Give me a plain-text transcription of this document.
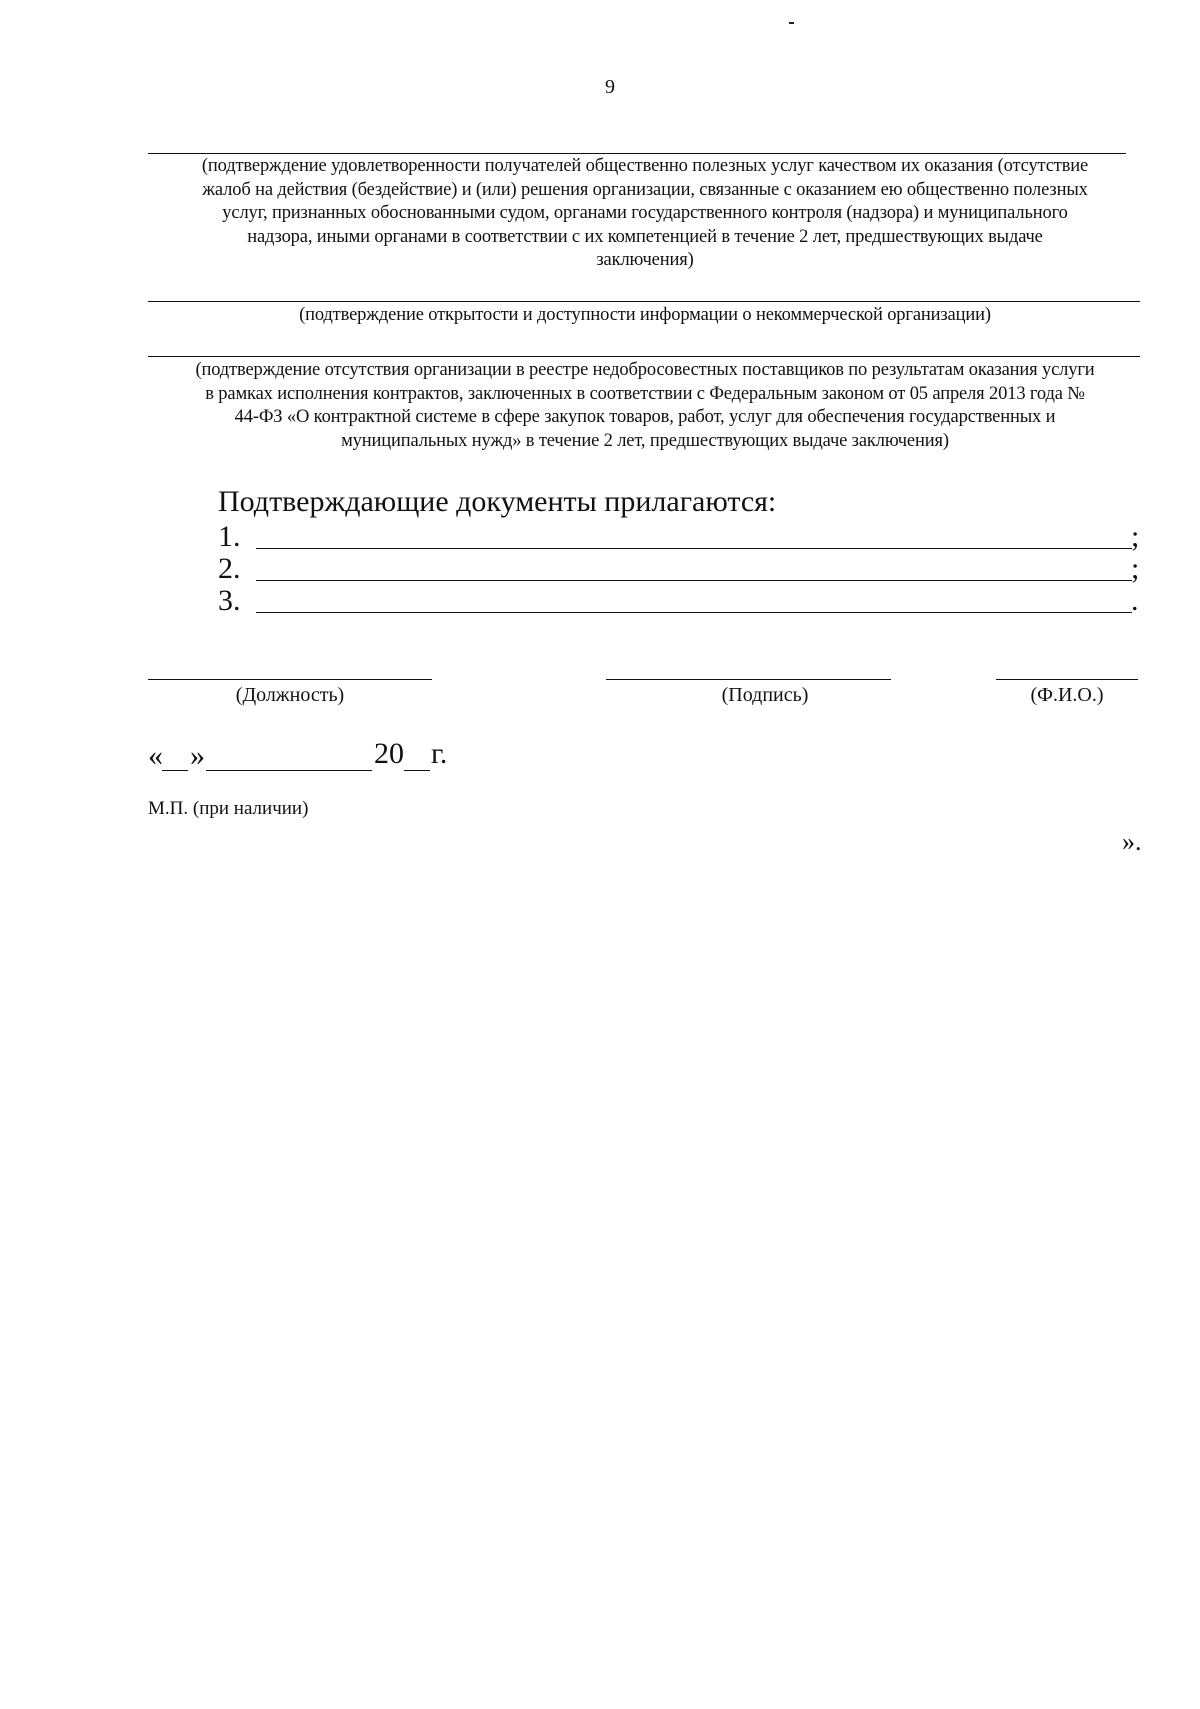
9
(подтверждение удовлетворенности получателей общественно полезных услуг качеством их оказания (отсутствие
жалоб на действия (бездействие) и (или) решения организации, связанные с оказанием ею общественно полезных
услуг, признанных обоснованными судом, органами государственного контроля (надзора) и муниципального
надзора, иными органами в соответствии с их компетенцией в течение 2 лет, предшествующих выдаче
заключения)
(подтверждение открытости и доступности информации о некоммерческой организации)
(подтверждение отсутствия организации в реестре недобросовестных поставщиков по результатам оказания услуги
в рамках исполнения контрактов, заключенных в соответствии с Федеральным законом от 05 апреля 2013 года №
44-ФЗ «О контрактной системе в сфере закупок товаров, работ, услуг для обеспечения государственных и
муниципальных нужд» в течение 2 лет, предшествующих выдаче заключения)
Подтверждающие документы прилагаются:
1.	;
2.	;
3.	.
(Должность)	(Подпись)	(Ф.И.О.)
« »	20 г.
М.П. (при наличии)
».
